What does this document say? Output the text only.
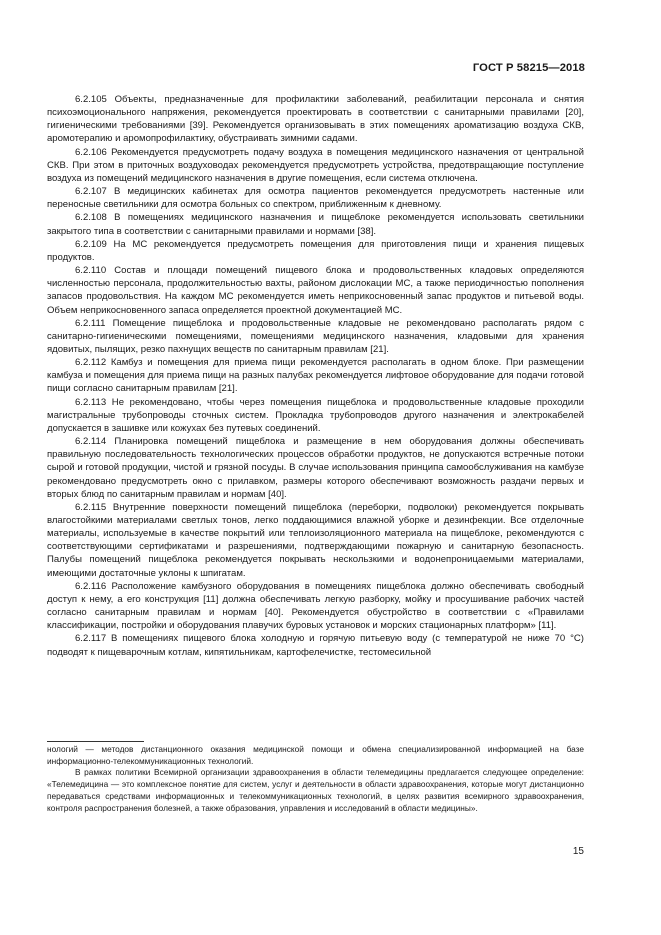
ГОСТ Р 58215—2018

6.2.105 Объекты, предназначенные для профилактики заболеваний, реабилитации персонала и снятия психоэмоционального напряжения, рекомендуется проектировать в соответствии с санитарными правилами [20], гигиеническими требованиями [39]. Рекомендуется организовывать в этих помещениях ароматизацию воздуха СКВ, аромотерапию и аромопрофилактику, обустраивать зимними садами.

6.2.106 Рекомендуется предусмотреть подачу воздуха в помещения медицинского назначения от центральной СКВ. При этом в приточных воздуховодах рекомендуется предусмотреть устройства, предотвращающие поступление воздуха из помещений медицинского назначения в другие помещения, если система отключена.

6.2.107 В медицинских кабинетах для осмотра пациентов рекомендуется предусмотреть настенные или переносные светильники для осмотра больных со спектром, приближенным к дневному.

6.2.108 В помещениях медицинского назначения и пищеблоке рекомендуется использовать светильники закрытого типа в соответствии с санитарными правилами и нормами [38].

6.2.109 На МС рекомендуется предусмотреть помещения для приготовления пищи и хранения пищевых продуктов.

6.2.110 Состав и площади помещений пищевого блока и продовольственных кладовых определяются численностью персонала, продолжительностью вахты, районом дислокации МС, а также периодичностью пополнения запасов продовольствия. На каждом МС рекомендуется иметь неприкосновенный запас продуктов и питьевой воды. Объем неприкосновенного запаса определяется проектной документацией МС.

6.2.111 Помещение пищеблока и продовольственные кладовые не рекомендовано располагать рядом с санитарно-гигиеническими помещениями, помещениями медицинского назначения, кладовыми для хранения ядовитых, пылящих, резко пахнущих веществ по санитарным правилам [21].

6.2.112 Камбуз и помещения для приема пищи рекомендуется располагать в одном блоке. При размещении камбуза и помещения для приема пищи на разных палубах рекомендуется лифтовое оборудование для подачи готовой пищи согласно санитарным правилам [21].

6.2.113 Не рекомендовано, чтобы через помещения пищеблока и продовольственные кладовые проходили магистральные трубопроводы сточных систем. Прокладка трубопроводов другого назначения и электрокабелей допускается в зашивке или кожухах без путевых соединений.

6.2.114 Планировка помещений пищеблока и размещение в нем оборудования должны обеспечивать правильную последовательность технологических процессов обработки продуктов, не допускаются встречные потоки сырой и готовой продукции, чистой и грязной посуды. В случае использования принципа самообслуживания на камбузе рекомендовано предусмотреть окно с прилавком, размеры которого обеспечивают возможность раздачи первых и вторых блюд по санитарным правилам и нормам [40].

6.2.115 Внутренние поверхности помещений пищеблока (переборки, подволоки) рекомендуется покрывать влагостойкими материалами светлых тонов, легко поддающимися влажной уборке и дезинфекции. Все отделочные материалы, используемые в качестве покрытий или теплоизоляционного материала на пищеблоке, рекомендуются с соответствующими сертификатами и разрешениями, подтверждающими пожарную и санитарную безопасность. Палубы помещений пищеблока рекомендуется покрывать нескользкими и водонепроницаемыми материалами, имеющими достаточные уклоны к шпигатам.

6.2.116 Расположение камбузного оборудования в помещениях пищеблока должно обеспечивать свободный доступ к нему, а его конструкция [11] должна обеспечивать легкую разборку, мойку и просушивание рабочих частей согласно санитарным правилам и нормам [40]. Рекомендуется обустройство в соответствии с «Правилами классификации, постройки и оборудования плавучих буровых установок и морских стационарных платформ» [11].

6.2.117 В помещениях пищевого блока холодную и горячую питьевую воду (с температурой не ниже 70 °С) подводят к пищеварочным котлам, кипятильникам, картофелечистке, тестомесильной

нологий — методов дистанционного оказания медицинской помощи и обмена специализированной информацией на базе информационно-телекоммуникационных технологий.

В рамках политики Всемирной организации здравоохранения в области телемедицины предлагается следующее определение: «Телемедицина — это комплексное понятие для систем, услуг и деятельности в области здравоохранения, которые могут дистанционно передаваться средствами информационных и телекоммуникационных технологий, в целях развития всемирного здравоохранения, контроля распространения болезней, а также образования, управления и исследований в области медицины».

15
